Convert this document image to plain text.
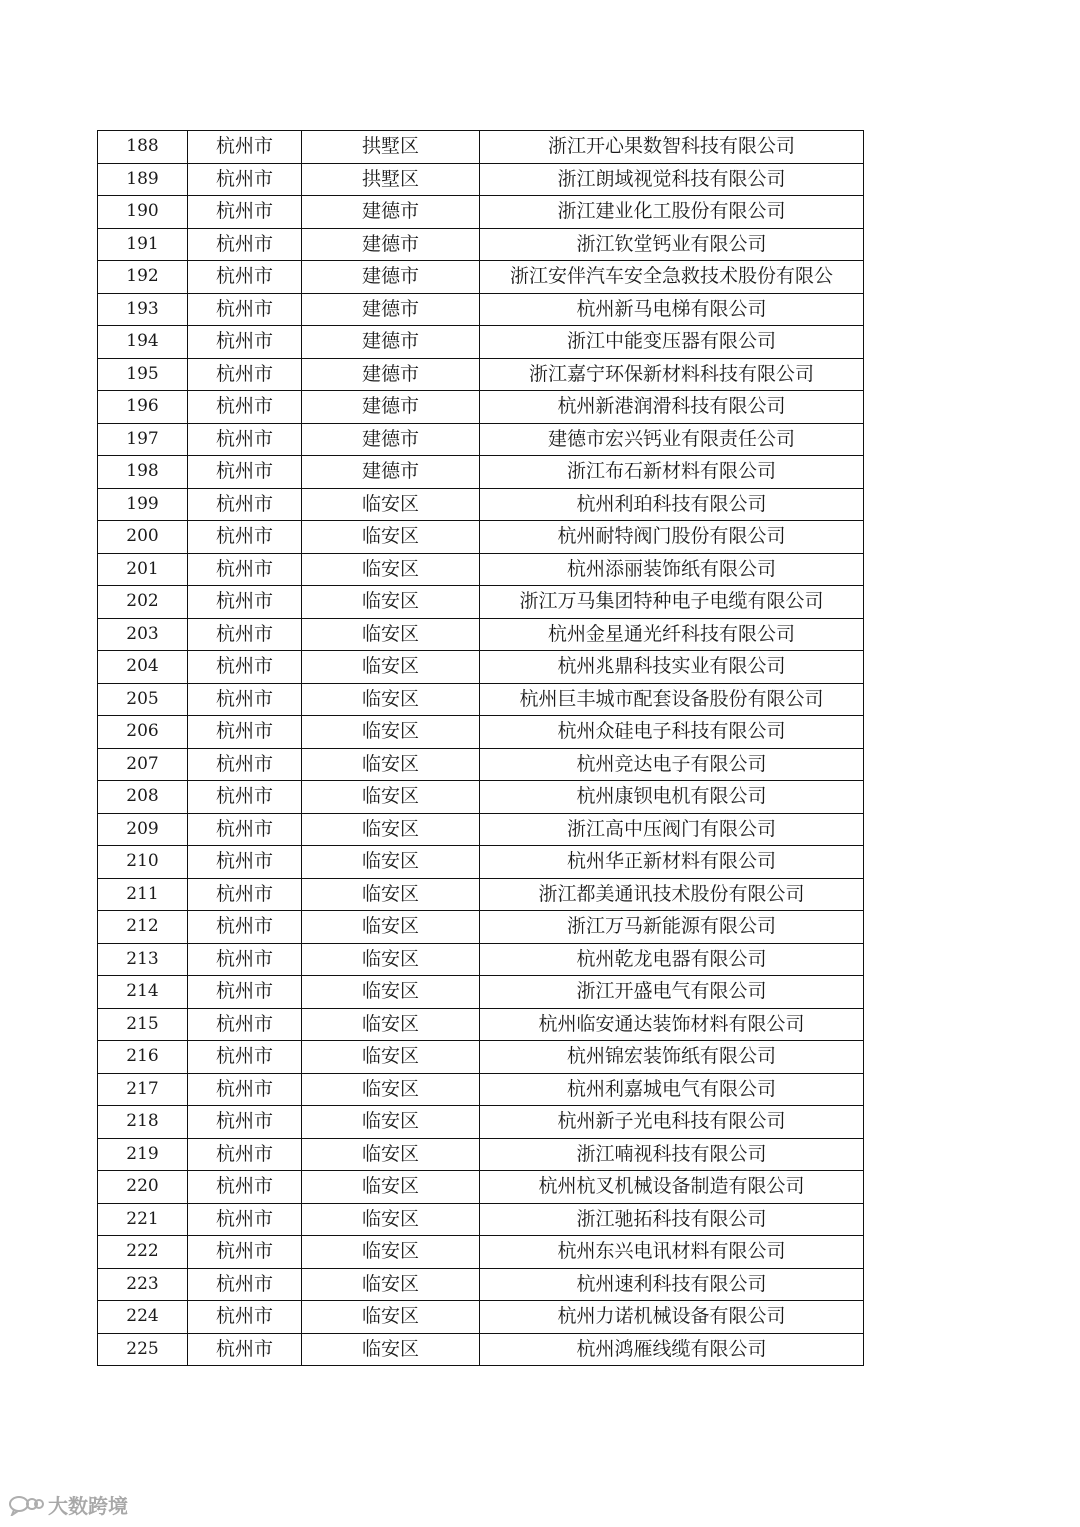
188	杭州市	拱墅区	浙江开心果数智科技有限公司
189	杭州市	拱墅区	浙江朗域视觉科技有限公司
190	杭州市	建德市	浙江建业化工股份有限公司
191	杭州市	建德市	浙江钦堂钙业有限公司
192	杭州市	建德市	浙江安伴汽车安全急救技术股份有限公
193	杭州市	建德市	杭州新马电梯有限公司
194	杭州市	建德市	浙江中能变压器有限公司
195	杭州市	建德市	浙江嘉宁环保新材料科技有限公司
196	杭州市	建德市	杭州新港润滑科技有限公司
197	杭州市	建德市	建德市宏兴钙业有限责任公司
198	杭州市	建德市	浙江布石新材料有限公司
199	杭州市	临安区	杭州利珀科技有限公司
200	杭州市	临安区	杭州耐特阀门股份有限公司
201	杭州市	临安区	杭州添丽装饰纸有限公司
202	杭州市	临安区	浙江万马集团特种电子电缆有限公司
203	杭州市	临安区	杭州金星通光纤科技有限公司
204	杭州市	临安区	杭州兆鼎科技实业有限公司
205	杭州市	临安区	杭州巨丰城市配套设备股份有限公司
206	杭州市	临安区	杭州众硅电子科技有限公司
207	杭州市	临安区	杭州竞达电子有限公司
208	杭州市	临安区	杭州康钡电机有限公司
209	杭州市	临安区	浙江高中压阀门有限公司
210	杭州市	临安区	杭州华正新材料有限公司
211	杭州市	临安区	浙江都美通讯技术股份有限公司
212	杭州市	临安区	浙江万马新能源有限公司
213	杭州市	临安区	杭州乾龙电器有限公司
214	杭州市	临安区	浙江开盛电气有限公司
215	杭州市	临安区	杭州临安通达装饰材料有限公司
216	杭州市	临安区	杭州锦宏装饰纸有限公司
217	杭州市	临安区	杭州利嘉城电气有限公司
218	杭州市	临安区	杭州新子光电科技有限公司
219	杭州市	临安区	浙江喃视科技有限公司
220	杭州市	临安区	杭州杭叉机械设备制造有限公司
221	杭州市	临安区	浙江驰拓科技有限公司
222	杭州市	临安区	杭州东兴电讯材料有限公司
223	杭州市	临安区	杭州速利科技有限公司
224	杭州市	临安区	杭州力诺机械设备有限公司
225	杭州市	临安区	杭州鸿雁线缆有限公司
大数跨境
